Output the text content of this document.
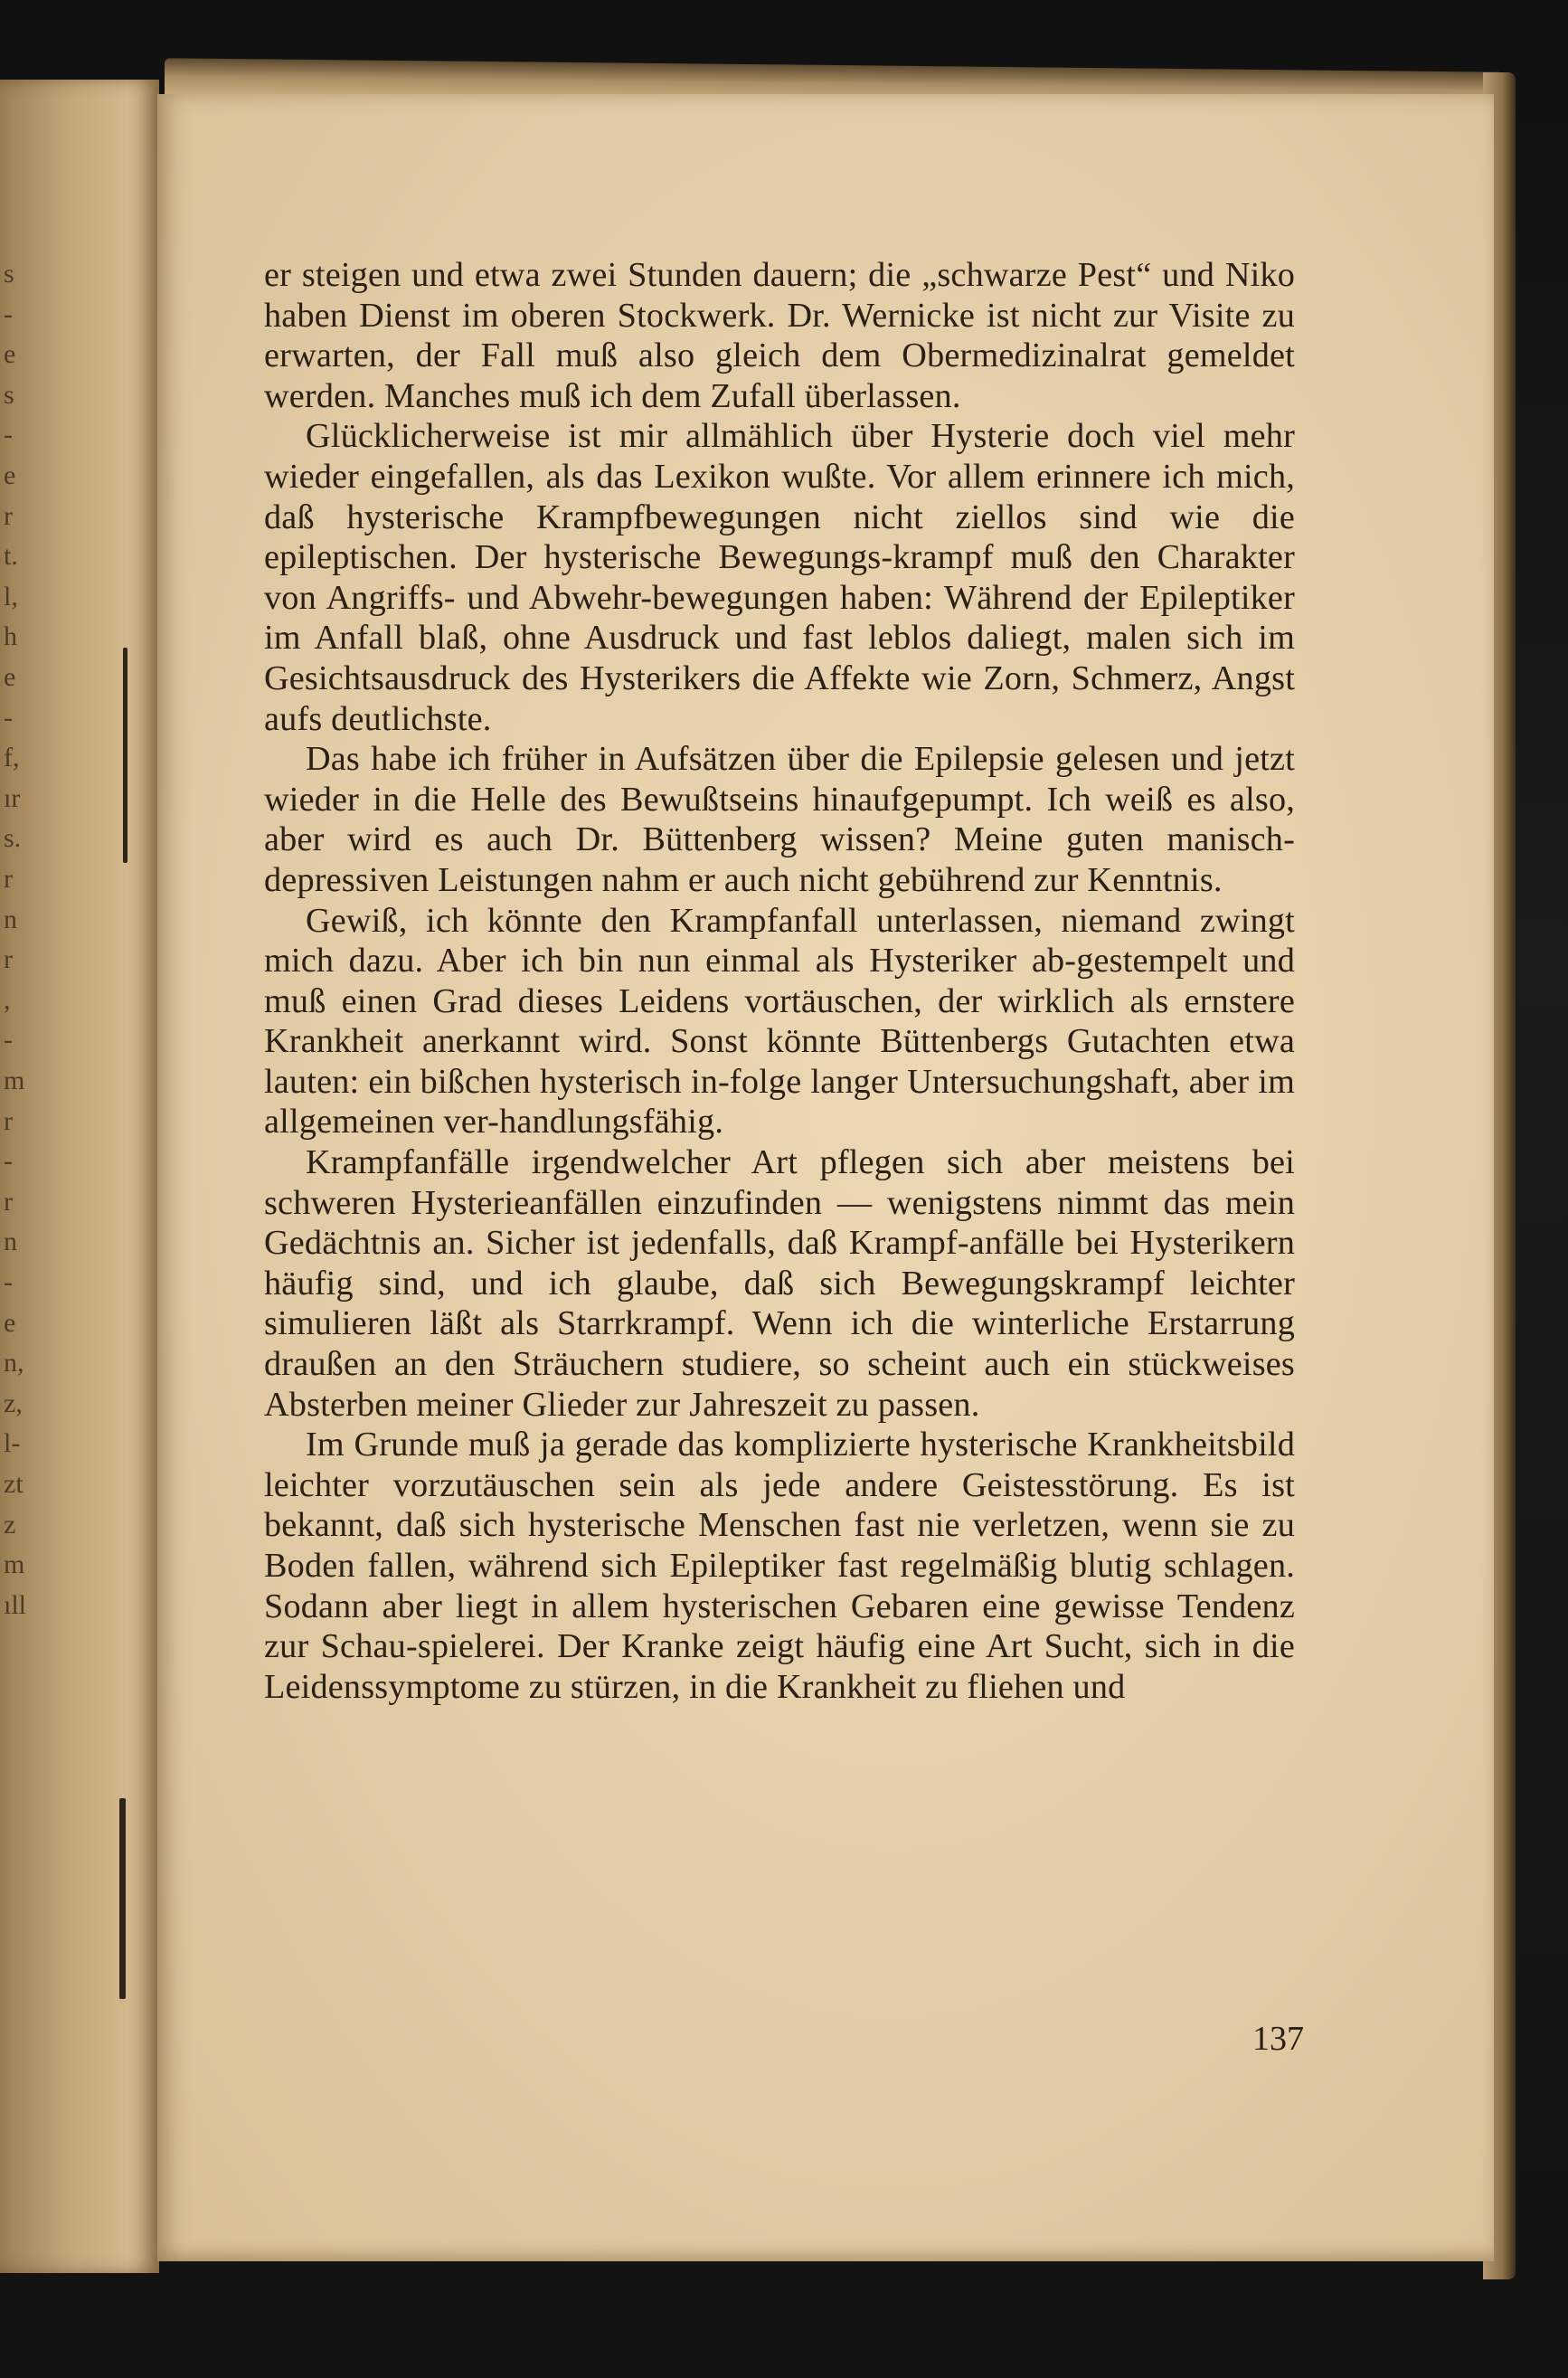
s
-
e
s
-
e
r
t.
l,
h
e
-
f,
ır
s.
r
n
r
,
-
m
r
-
r
n
-
e
n,
z,
l-
zt
z
m
ıll

er steigen und etwa zwei Stunden dauern; die „schwarze Pest“ und Niko haben Dienst im oberen Stockwerk. Dr. Wernicke ist nicht zur Visite zu erwarten, der Fall muß also gleich dem Obermedizinalrat gemeldet werden. Manches muß ich dem Zufall überlassen.

Glücklicherweise ist mir allmählich über Hysterie doch viel mehr wieder eingefallen, als das Lexikon wußte. Vor allem erinnere ich mich, daß hysterische Krampfbewegungen nicht ziellos sind wie die epileptischen. Der hysterische Bewegungs-krampf muß den Charakter von Angriffs- und Abwehr-bewegungen haben: Während der Epileptiker im Anfall blaß, ohne Ausdruck und fast leblos daliegt, malen sich im Gesichtsausdruck des Hysterikers die Affekte wie Zorn, Schmerz, Angst aufs deutlichste.

Das habe ich früher in Aufsätzen über die Epilepsie gelesen und jetzt wieder in die Helle des Bewußtseins hinaufgepumpt. Ich weiß es also, aber wird es auch Dr. Büttenberg wissen? Meine guten manisch-depressiven Leistungen nahm er auch nicht gebührend zur Kenntnis.

Gewiß, ich könnte den Krampfanfall unterlassen, niemand zwingt mich dazu. Aber ich bin nun einmal als Hysteriker ab-gestempelt und muß einen Grad dieses Leidens vortäuschen, der wirklich als ernstere Krankheit anerkannt wird. Sonst könnte Büttenbergs Gutachten etwa lauten: ein bißchen hysterisch in-folge langer Untersuchungshaft, aber im allgemeinen ver-handlungsfähig.

Krampfanfälle irgendwelcher Art pflegen sich aber meistens bei schweren Hysterieanfällen einzufinden — wenigstens nimmt das mein Gedächtnis an. Sicher ist jedenfalls, daß Krampf-anfälle bei Hysterikern häufig sind, und ich glaube, daß sich Bewegungskrampf leichter simulieren läßt als Starrkrampf. Wenn ich die winterliche Erstarrung draußen an den Sträuchern studiere, so scheint auch ein stückweises Absterben meiner Glieder zur Jahreszeit zu passen.

Im Grunde muß ja gerade das komplizierte hysterische Krankheitsbild leichter vorzutäuschen sein als jede andere Geistesstörung. Es ist bekannt, daß sich hysterische Menschen fast nie verletzen, wenn sie zu Boden fallen, während sich Epileptiker fast regelmäßig blutig schlagen. Sodann aber liegt in allem hysterischen Gebaren eine gewisse Tendenz zur Schau-spielerei. Der Kranke zeigt häufig eine Art Sucht, sich in die Leidenssymptome zu stürzen, in die Krankheit zu fliehen und

137
